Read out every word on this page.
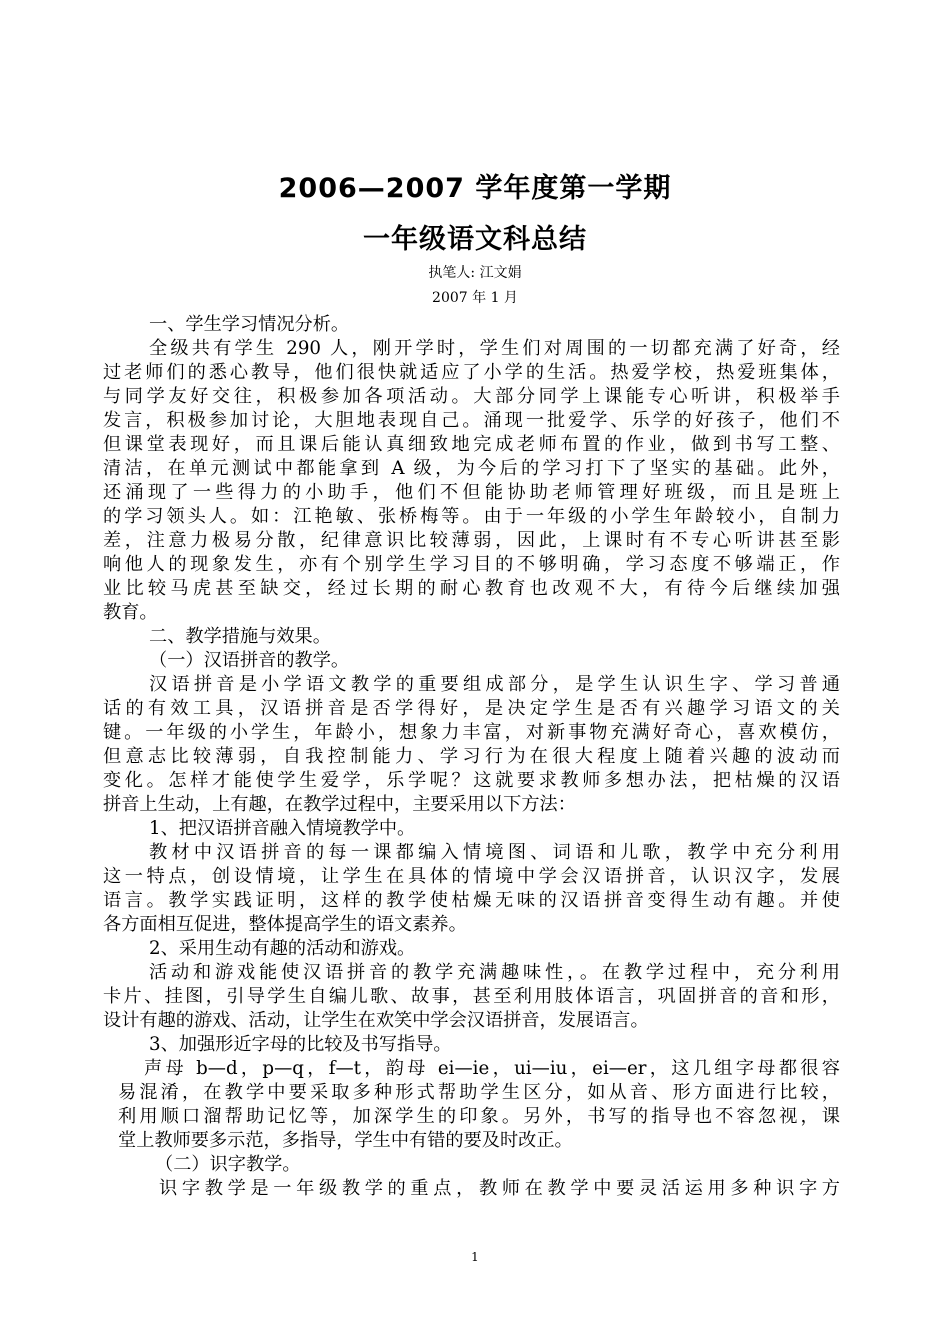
2006—2007 学年度第一学期
一年级语文科总结
执笔人: 江文娟
2007 年 1 月
一、学生学习情况分析。
全级共有学生 290 人，刚开学时，学生们对周围的一切都充满了好奇，经
过老师们的悉心教导，他们很快就适应了小学的生活。热爱学校，热爱班集体，
与同学友好交往，积极参加各项活动。大部分同学上课能专心听讲，积极举手
发言，积极参加讨论，大胆地表现自己。涌现一批爱学、乐学的好孩子，他们不
但课堂表现好，而且课后能认真细致地完成老师布置的作业，做到书写工整、
清洁，在单元测试中都能拿到 A 级，为今后的学习打下了坚实的基础。此外，
还涌现了一些得力的小助手，他们不但能协助老师管理好班级，而且是班上
的学习领头人。如：江艳敏、张桥梅等。由于一年级的小学生年龄较小，自制力
差，注意力极易分散，纪律意识比较薄弱，因此，上课时有不专心听讲甚至影
响他人的现象发生，亦有个别学生学习目的不够明确，学习态度不够端正，作
业比较马虎甚至缺交，经过长期的耐心教育也改观不大，有待今后继续加强
教育。
二、教学措施与效果。
（一）汉语拼音的教学。
汉语拼音是小学语文教学的重要组成部分，是学生认识生字、学习普通
话的有效工具，汉语拼音是否学得好，是决定学生是否有兴趣学习语文的关
键。一年级的小学生，年龄小，想象力丰富，对新事物充满好奇心，喜欢模仿，
但意志比较薄弱，自我控制能力、学习行为在很大程度上随着兴趣的波动而
变化。怎样才能使学生爱学，乐学呢？这就要求教师多想办法，把枯燥的汉语
拼音上生动，上有趣，在教学过程中，主要采用以下方法：
1、把汉语拼音融入情境教学中。
教材中汉语拼音的每一课都编入情境图、词语和儿歌，教学中充分利用
这一特点，创设情境，让学生在具体的情境中学会汉语拼音，认识汉字，发展
语言。教学实践证明，这样的教学使枯燥无味的汉语拼音变得生动有趣。并使
各方面相互促进，整体提高学生的语文素养。
2、采用生动有趣的活动和游戏。
活动和游戏能使汉语拼音的教学充满趣味性，。在教学过程中，充分利用
卡片、挂图，引导学生自编儿歌、故事，甚至利用肢体语言，巩固拼音的音和形，
设计有趣的游戏、活动，让学生在欢笑中学会汉语拼音，发展语言。
3、加强形近字母的比较及书写指导。
声母 b—d，p—q，f—t，韵母 ei—ie，ui—iu，ei—er，这几组字母都很容
易混淆，在教学中要采取多种形式帮助学生区分，如从音、形方面进行比较，
利用顺口溜帮助记忆等，加深学生的印象。另外，书写的指导也不容忽视，课
堂上教师要多示范，多指导，学生中有错的要及时改正。
（二）识字教学。
识字教学是一年级教学的重点，教师在教学中要灵活运用多种识字方
1
